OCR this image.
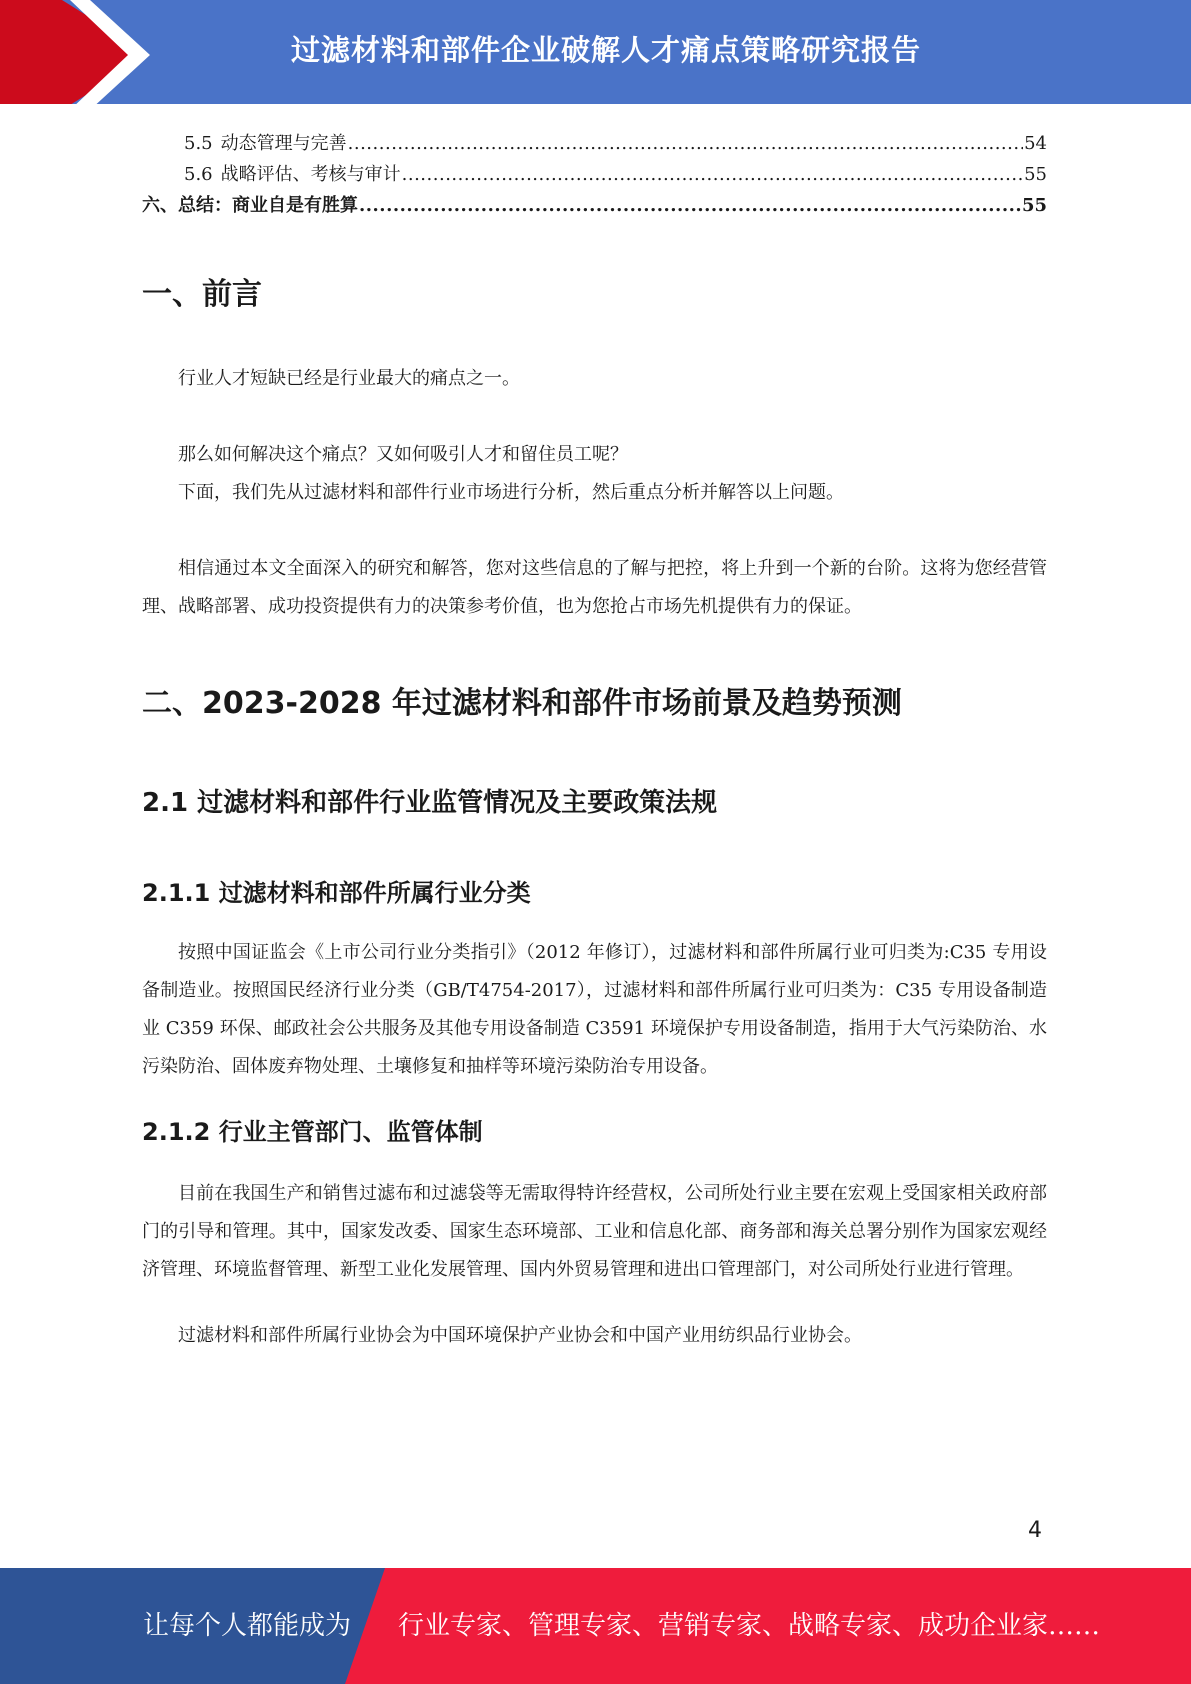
过滤材料和部件企业破解人才痛点策略研究报告
5.5 动态管理与完善 .....	54
5.6 战略评估、考核与审计 .....	55
六、总结：商业自是有胜算 .....	55
一、前言

行业人才短缺已经是行业最大的痛点之一。

那么如何解决这个痛点？又如何吸引人才和留住员工呢？

下面，我们先从过滤材料和部件行业市场进行分析，然后重点分析并解答以上问题。

相信通过本文全面深入的研究和解答，您对这些信息的了解与把控，将上升到一个新的台阶。这将为您经营管理、战略部署、成功投资提供有力的决策参考价值，也为您抢占市场先机提供有力的保证。

二、2023-2028 年过滤材料和部件市场前景及趋势预测
2.1 过滤材料和部件行业监管情况及主要政策法规
2.1.1 过滤材料和部件所属行业分类

按照中国证监会《上市公司行业分类指引》（2012 年修订），过滤材料和部件所属行业可归类为:C35 专用设备制造业。按照国民经济行业分类（GB/T4754-2017），过滤材料和部件所属行业可归类为：C35 专用设备制造业 C359 环保、邮政社会公共服务及其他专用设备制造 C3591 环境保护专用设备制造，指用于大气污染防治、水污染防治、固体废弃物处理、土壤修复和抽样等环境污染防治专用设备。

2.1.2 行业主管部门、监管体制

目前在我国生产和销售过滤布和过滤袋等无需取得特许经营权，公司所处行业主要在宏观上受国家相关政府部门的引导和管理。其中，国家发改委、国家生态环境部、工业和信息化部、商务部和海关总署分别作为国家宏观经济管理、环境监督管理、新型工业化发展管理、国内外贸易管理和进出口管理部门，对公司所处行业进行管理。

过滤材料和部件所属行业协会为中国环境保护产业协会和中国产业用纺织品行业协会。

4
让每个人都能成为 行业专家、管理专家、营销专家、战略专家、成功企业家……
